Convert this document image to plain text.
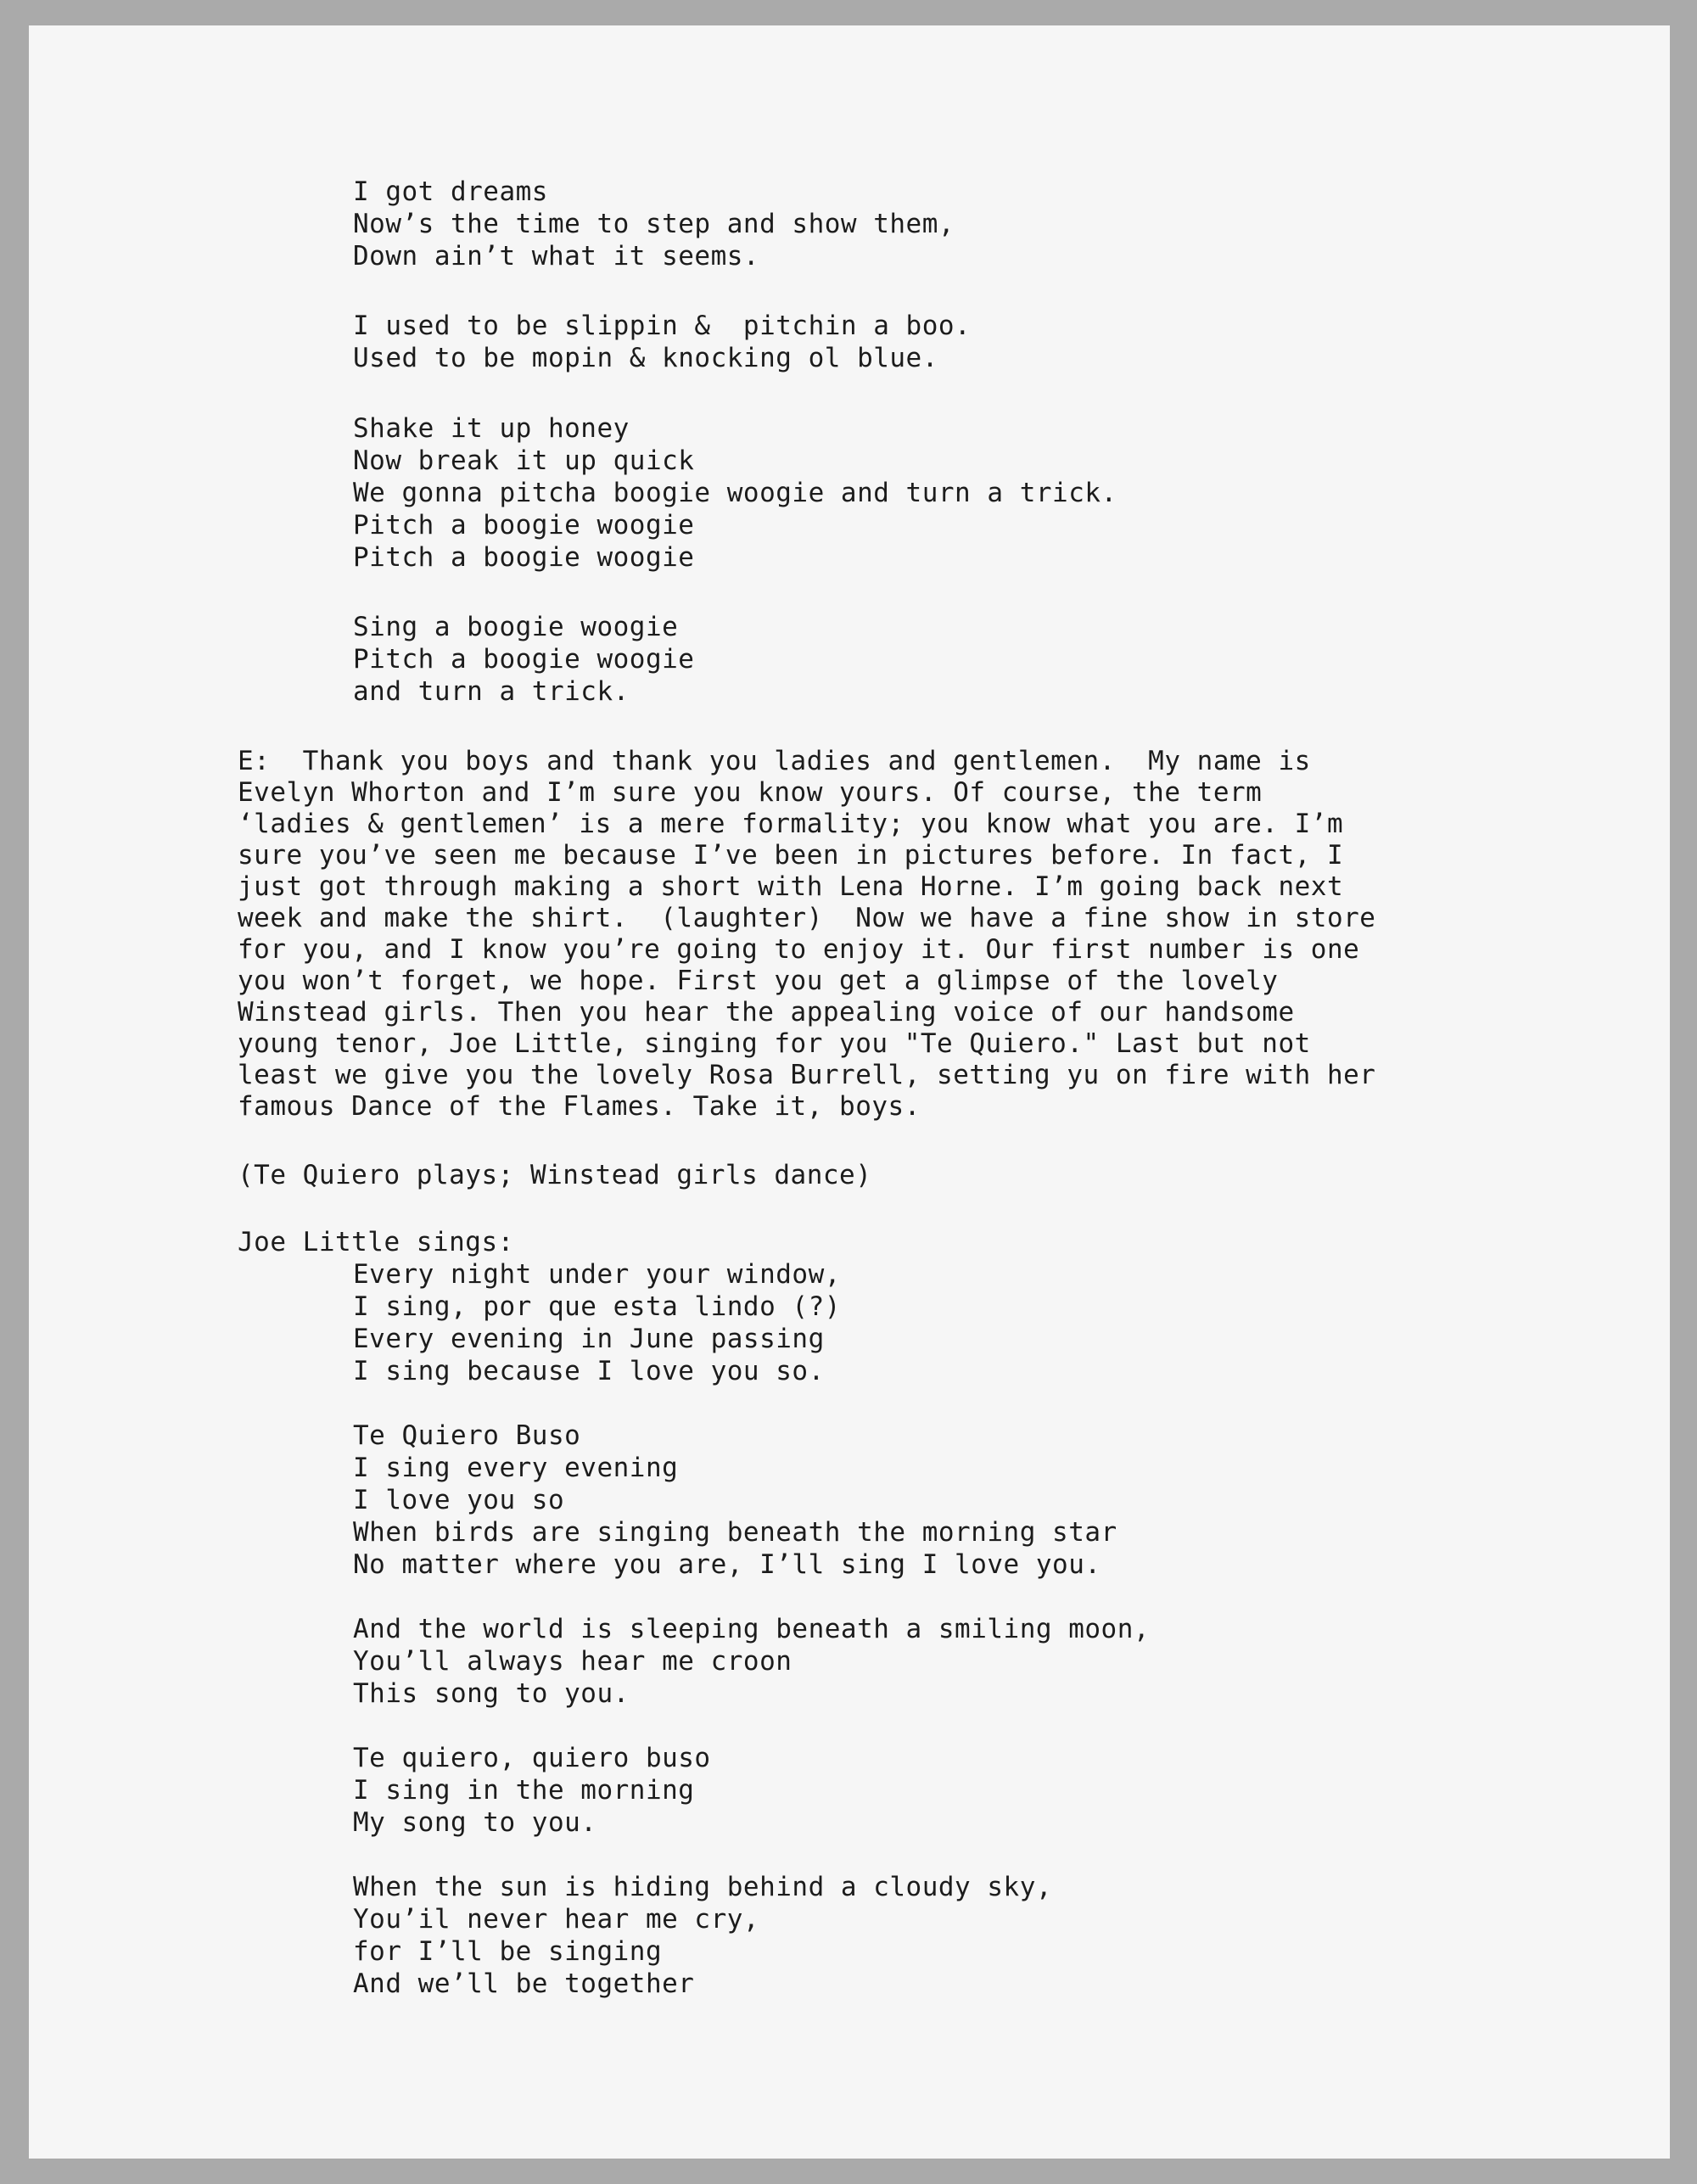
I got dreams
Now’s the time to step and show them,
Down ain’t what it seems.
I used to be slippin &  pitchin a boo.
Used to be mopin & knocking ol blue.
Shake it up honey
Now break it up quick
We gonna pitcha boogie woogie and turn a trick.
Pitch a boogie woogie
Pitch a boogie woogie
Sing a boogie woogie
Pitch a boogie woogie
and turn a trick.
E:  Thank you boys and thank you ladies and gentlemen.  My name is
Evelyn Whorton and I’m sure you know yours. Of course, the term
‘ladies & gentlemen’ is a mere formality; you know what you are. I’m
sure you’ve seen me because I’ve been in pictures before. In fact, I
just got through making a short with Lena Horne. I’m going back next
week and make the shirt.  (laughter)  Now we have a fine show in store
for you, and I know you’re going to enjoy it. Our first number is one
you won’t forget, we hope. First you get a glimpse of the lovely
Winstead girls. Then you hear the appealing voice of our handsome
young tenor, Joe Little, singing for you "Te Quiero." Last but not
least we give you the lovely Rosa Burrell, setting yu on fire with her
famous Dance of the Flames. Take it, boys.
(Te Quiero plays; Winstead girls dance)
Joe Little sings:
Every night under your window,
I sing, por que esta lindo (?)
Every evening in June passing
I sing because I love you so.
Te Quiero Buso
I sing every evening
I love you so
When birds are singing beneath the morning star
No matter where you are, I’ll sing I love you.
And the world is sleeping beneath a smiling moon,
You’ll always hear me croon
This song to you.
Te quiero, quiero buso
I sing in the morning
My song to you.
When the sun is hiding behind a cloudy sky,
You’il never hear me cry,
for I’ll be singing
And we’ll be together
